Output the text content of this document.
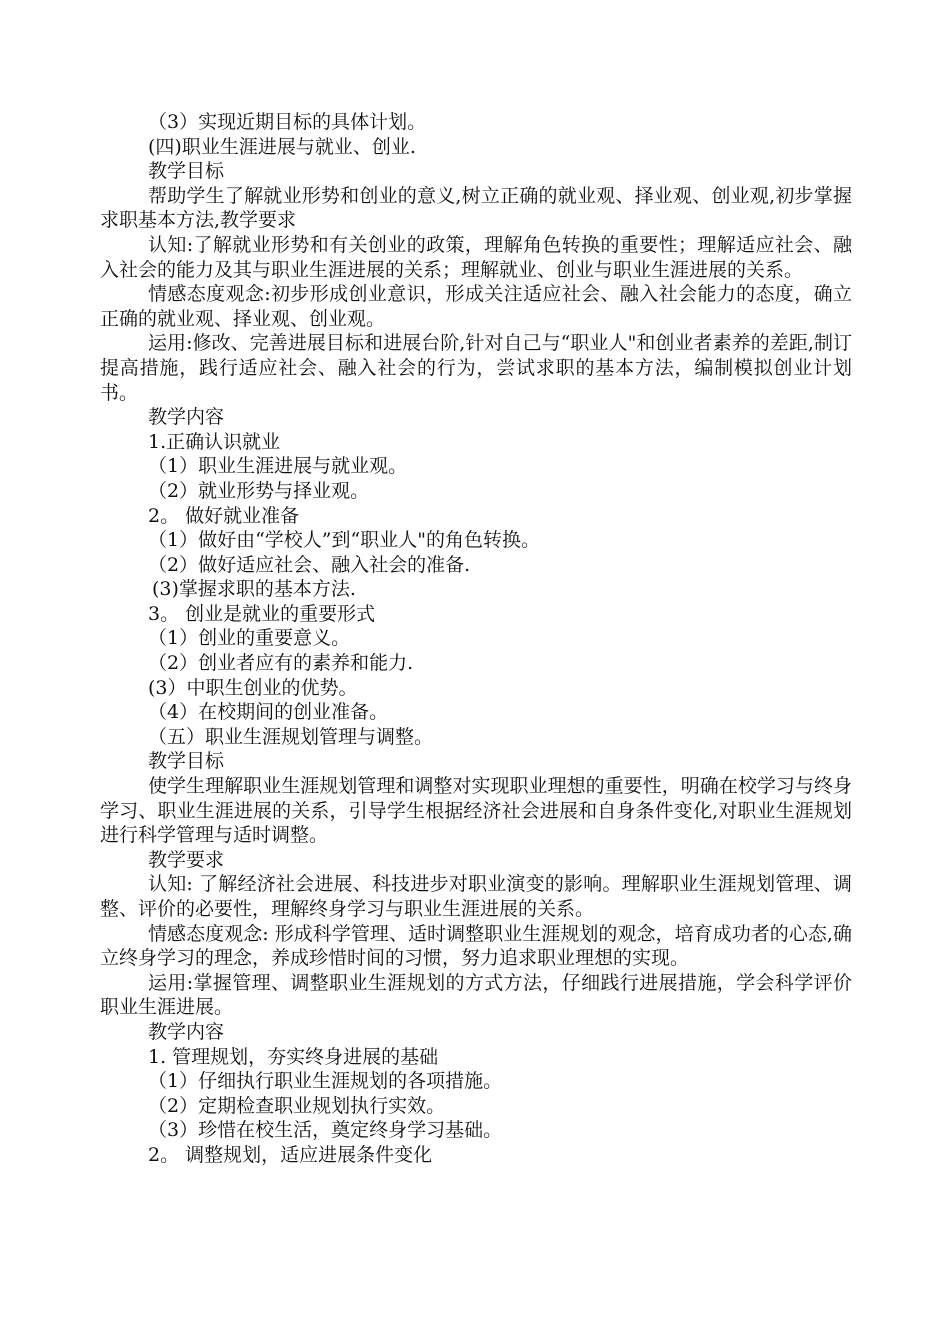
（3）实现近期目标的具体计划。

(四)职业生涯进展与就业、创业.

教学目标

帮助学生了解就业形势和创业的意义,树立正确的就业观、择业观、创业观,初步掌握求职基本方法,教学要求

认知:了解就业形势和有关创业的政策，理解角色转换的重要性；理解适应社会、融入社会的能力及其与职业生涯进展的关系；理解就业、创业与职业生涯进展的关系。

情感态度观念:初步形成创业意识，形成关注适应社会、融入社会能力的态度，确立正确的就业观、择业观、创业观。

运用:修改、完善进展目标和进展台阶,针对自己与“职业人"和创业者素养的差距,制订提高措施，践行适应社会、融入社会的行为，尝试求职的基本方法，编制模拟创业计划书。

教学内容

1.正确认识就业

（1）职业生涯进展与就业观。

（2）就业形势与择业观。

2。 做好就业准备

（1）做好由“学校人”到“职业人"的角色转换。

（2）做好适应社会、融入社会的准备.

(3)掌握求职的基本方法.

3。 创业是就业的重要形式

（1）创业的重要意义。

（2）创业者应有的素养和能力.

(3）中职生创业的优势。

（4）在校期间的创业准备。

（五）职业生涯规划管理与调整。

教学目标

使学生理解职业生涯规划管理和调整对实现职业理想的重要性，明确在校学习与终身学习、职业生涯进展的关系，引导学生根据经济社会进展和自身条件变化,对职业生涯规划进行科学管理与适时调整。

教学要求

认知: 了解经济社会进展、科技进步对职业演变的影响。理解职业生涯规划管理、调整、评价的必要性，理解终身学习与职业生涯进展的关系。

情感态度观念: 形成科学管理、适时调整职业生涯规划的观念，培育成功者的心态,确立终身学习的理念，养成珍惜时间的习惯，努力追求职业理想的实现。

运用:掌握管理、调整职业生涯规划的方式方法，仔细践行进展措施，学会科学评价职业生涯进展。

教学内容

1. 管理规划，夯实终身进展的基础

（1）仔细执行职业生涯规划的各项措施。

（2）定期检查职业规划执行实效。

（3）珍惜在校生活，奠定终身学习基础。

2。 调整规划，适应进展条件变化
